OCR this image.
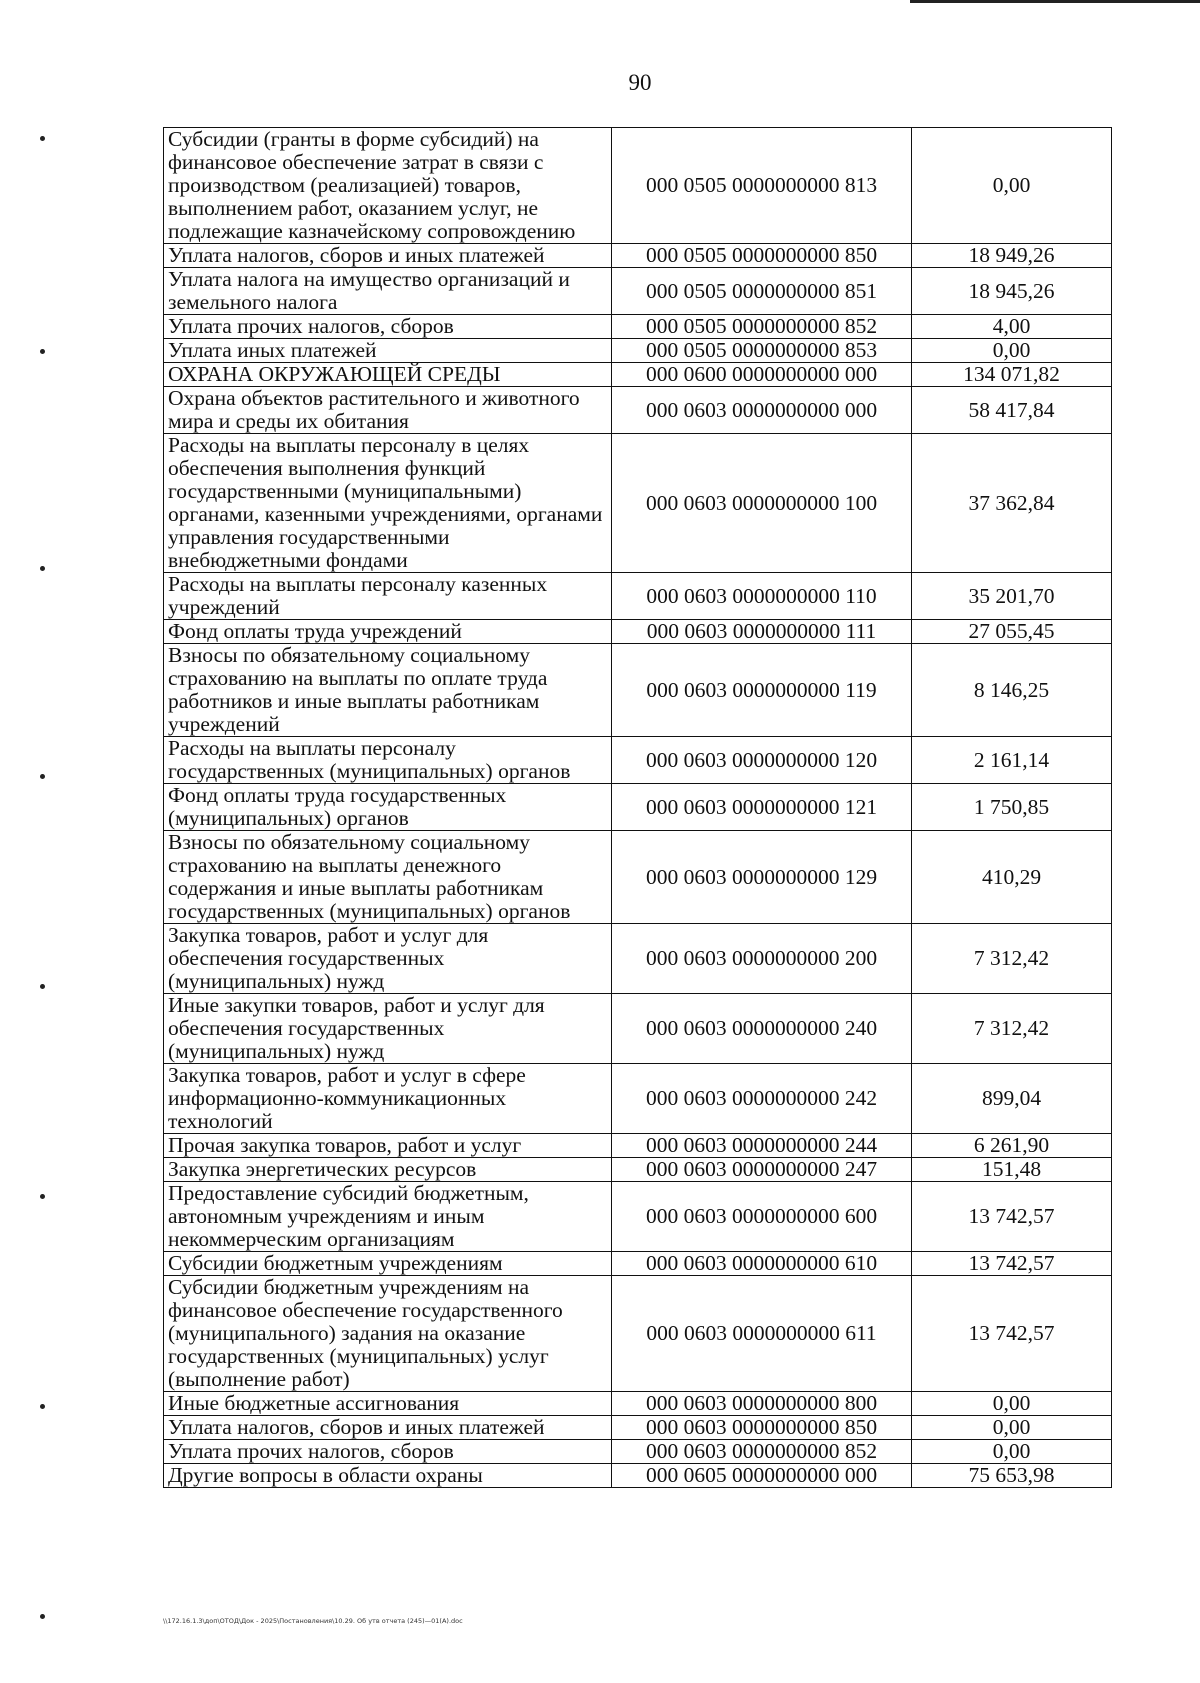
90
Субсидии (гранты в форме субсидий) на финансовое обеспечение затрат в связи с производством (реализацией) товаров, выполнением работ, оказанием услуг, не подлежащие казначейскому сопровождению	000 0505 0000000000 813	0,00
Уплата налогов, сборов и иных платежей	000 0505 0000000000 850	18 949,26
Уплата налога на имущество организаций и земельного налога	000 0505 0000000000 851	18 945,26
Уплата прочих налогов, сборов	000 0505 0000000000 852	4,00
Уплата иных платежей	000 0505 0000000000 853	0,00
ОХРАНА ОКРУЖАЮЩЕЙ СРЕДЫ	000 0600 0000000000 000	134 071,82
Охрана объектов растительного и животного мира и среды их обитания	000 0603 0000000000 000	58 417,84
Расходы на выплаты персоналу в целях обеспечения выполнения функций государственными (муниципальными) органами, казенными учреждениями, органами управления государственными внебюджетными фондами	000 0603 0000000000 100	37 362,84
Расходы на выплаты персоналу казенных учреждений	000 0603 0000000000 110	35 201,70
Фонд оплаты труда учреждений	000 0603 0000000000 111	27 055,45
Взносы по обязательному социальному страхованию на выплаты по оплате труда работников и иные выплаты работникам учреждений	000 0603 0000000000 119	8 146,25
Расходы на выплаты персоналу государственных (муниципальных) органов	000 0603 0000000000 120	2 161,14
Фонд оплаты труда государственных (муниципальных) органов	000 0603 0000000000 121	1 750,85
Взносы по обязательному социальному страхованию на выплаты денежного содержания и иные выплаты работникам государственных (муниципальных) органов	000 0603 0000000000 129	410,29
Закупка товаров, работ и услуг для обеспечения государственных (муниципальных) нужд	000 0603 0000000000 200	7 312,42
Иные закупки товаров, работ и услуг для обеспечения государственных (муниципальных) нужд	000 0603 0000000000 240	7 312,42
Закупка товаров, работ и услуг в сфере информационно-коммуникационных технологий	000 0603 0000000000 242	899,04
Прочая закупка товаров, работ и услуг	000 0603 0000000000 244	6 261,90
Закупка энергетических ресурсов	000 0603 0000000000 247	151,48
Предоставление субсидий бюджетным, автономным учреждениям и иным некоммерческим организациям	000 0603 0000000000 600	13 742,57
Субсидии бюджетным учреждениям	000 0603 0000000000 610	13 742,57
Субсидии бюджетным учреждениям на финансовое обеспечение государственного (муниципального) задания на оказание государственных (муниципальных) услуг (выполнение работ)	000 0603 0000000000 611	13 742,57
Иные бюджетные ассигнования	000 0603 0000000000 800	0,00
Уплата налогов, сборов и иных платежей	000 0603 0000000000 850	0,00
Уплата прочих налогов, сборов	000 0603 0000000000 852	0,00
Другие вопросы в области охраны	000 0605 0000000000 000	75 653,98
\\172.16.1.3\доп\ОТОД\Док - 2025\Постановления\10.29. Об утв отчета (245)—01(А).doc
